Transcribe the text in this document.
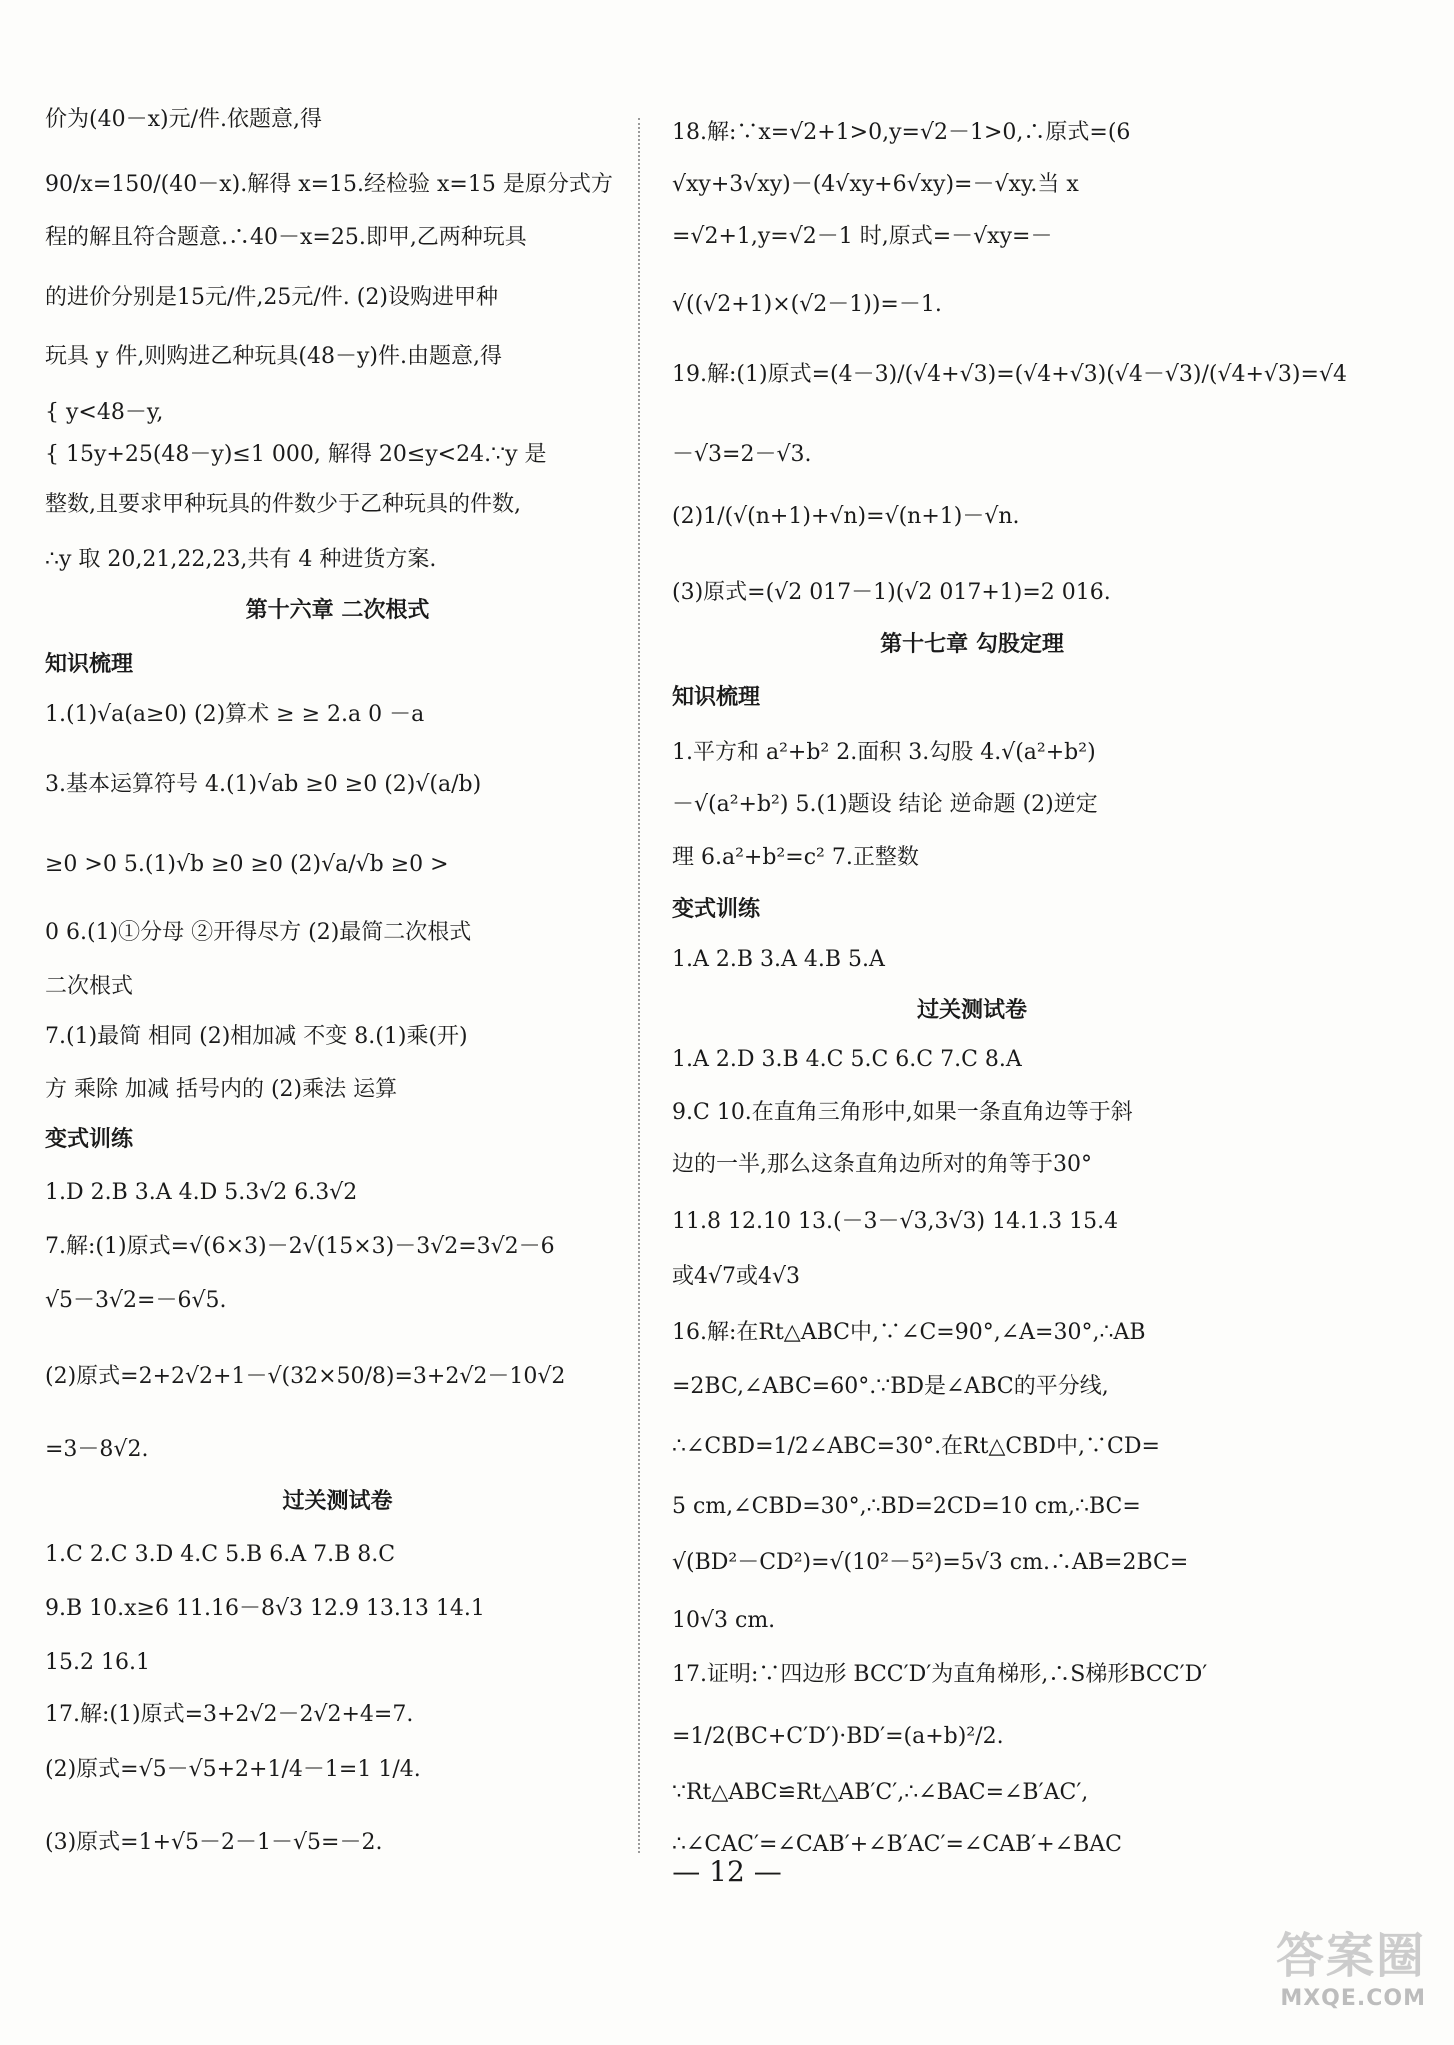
价为(40－x)元/件.依题意,得
90/x=150/(40－x).解得 x=15.经检验 x=15 是原分式方
程的解且符合题意.∴40－x=25.即甲,乙两种玩具
的进价分别是15元/件,25元/件. (2)设购进甲种
玩具 y 件,则购进乙种玩具(48－y)件.由题意,得
{ y<48－y,
{ 15y+25(48－y)≤1 000, 解得 20≤y<24.∵y 是
整数,且要求甲种玩具的件数少于乙种玩具的件数,
∴y 取 20,21,22,23,共有 4 种进货方案.
第十六章 二次根式
知识梳理
1.(1)√a(a≥0) (2)算术 ≥ ≥ 2.a 0 －a
3.基本运算符号 4.(1)√ab ≥0 ≥0 (2)√(a/b)
≥0 >0 5.(1)√b ≥0 ≥0 (2)√a/√b ≥0 >
0 6.(1)①分母 ②开得尽方 (2)最简二次根式
二次根式
7.(1)最简 相同 (2)相加减 不变 8.(1)乘(开)
方 乘除 加减 括号内的 (2)乘法 运算
变式训练
1.D 2.B 3.A 4.D 5.3√2 6.3√2
7.解:(1)原式=√(6×3)－2√(15×3)－3√2=3√2－6
√5－3√2=－6√5.
(2)原式=2+2√2+1－√(32×50/8)=3+2√2－10√2
=3－8√2.
过关测试卷
1.C 2.C 3.D 4.C 5.B 6.A 7.B 8.C
9.B 10.x≥6 11.16－8√3 12.9 13.13 14.1
15.2 16.1
17.解:(1)原式=3+2√2－2√2+4=7.
(2)原式=√5－√5+2+1/4－1=1 1/4.
(3)原式=1+√5－2－1－√5=－2.
18.解:∵x=√2+1>0,y=√2－1>0,∴原式=(6
√xy+3√xy)－(4√xy+6√xy)=－√xy.当 x
=√2+1,y=√2－1 时,原式=－√xy=－
√((√2+1)×(√2－1))=－1.
19.解:(1)原式=(4－3)/(√4+√3)=(√4+√3)(√4－√3)/(√4+√3)=√4
－√3=2－√3.
(2)1/(√(n+1)+√n)=√(n+1)－√n.
(3)原式=(√2 017－1)(√2 017+1)=2 016.
第十七章 勾股定理
知识梳理
1.平方和 a²+b² 2.面积 3.勾股 4.√(a²+b²)
－√(a²+b²) 5.(1)题设 结论 逆命题 (2)逆定
理 6.a²+b²=c² 7.正整数
变式训练
1.A 2.B 3.A 4.B 5.A
过关测试卷
1.A 2.D 3.B 4.C 5.C 6.C 7.C 8.A
9.C 10.在直角三角形中,如果一条直角边等于斜
边的一半,那么这条直角边所对的角等于30°
11.8 12.10 13.(－3－√3,3√3) 14.1.3 15.4
或4√7或4√3
16.解:在Rt△ABC中,∵∠C=90°,∠A=30°,∴AB
=2BC,∠ABC=60°.∵BD是∠ABC的平分线,
∴∠CBD=1/2∠ABC=30°.在Rt△CBD中,∵CD=
5 cm,∠CBD=30°,∴BD=2CD=10 cm,∴BC=
√(BD²－CD²)=√(10²－5²)=5√3 cm.∴AB=2BC=
10√3 cm.
17.证明:∵四边形 BCC′D′为直角梯形,∴S梯形BCC′D′
=1/2(BC+C′D′)·BD′=(a+b)²/2.
∵Rt△ABC≌Rt△AB′C′,∴∠BAC=∠B′AC′,
∴∠CAC′=∠CAB′+∠B′AC′=∠CAB′+∠BAC
— 12 —
答案圈
MXQE.COM
